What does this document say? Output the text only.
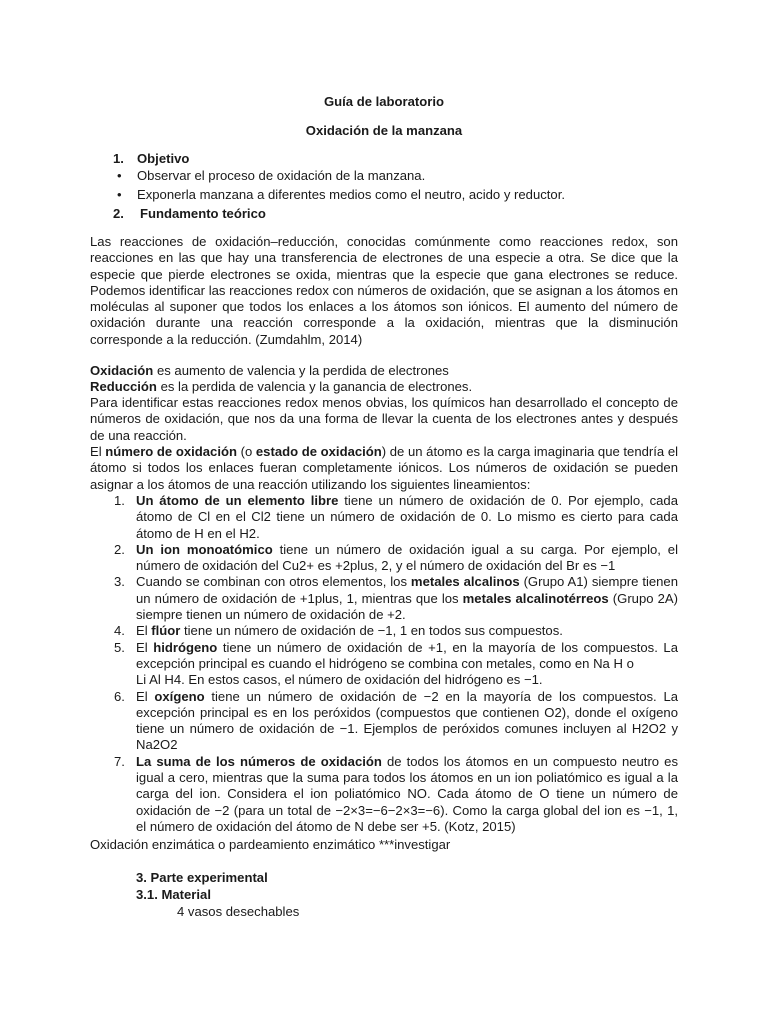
Guía de laboratorio
Oxidación de la manzana
1. Objetivo
• Observar el proceso de oxidación de la manzana.
• Exponerla manzana a diferentes medios como el neutro, acido y reductor.
2. Fundamento teórico

Las reacciones de oxidación–reducción, conocidas comúnmente como reacciones redox, son reacciones en las que hay una transferencia de electrones de una especie a otra. Se dice que la especie que pierde electrones se oxida, mientras que la especie que gana electrones se reduce. Podemos identificar las reacciones redox con números de oxidación, que se asignan a los átomos en moléculas al suponer que todos los enlaces a los átomos son iónicos. El aumento del número de oxidación durante una reacción corresponde a la oxidación, mientras que la disminución corresponde a la reducción. (Zumdahlm, 2014)

Oxidación es aumento de valencia y la perdida de electrones
Reducción es la perdida de valencia y la ganancia de electrones.

Para identificar estas reacciones redox menos obvias, los químicos han desarrollado el concepto de números de oxidación, que nos da una forma de llevar la cuenta de los electrones antes y después de una reacción.

El número de oxidación (o estado de oxidación) de un átomo es la carga imaginaria que tendría el átomo si todos los enlaces fueran completamente iónicos. Los números de oxidación se pueden asignar a los átomos de una reacción utilizando los siguientes lineamientos:

1. Un átomo de un elemento libre tiene un número de oxidación de 0. Por ejemplo, cada átomo de Cl en el Cl2 tiene un número de oxidación de 0. Lo mismo es cierto para cada átomo de H en el H2.
2. Un ion monoatómico tiene un número de oxidación igual a su carga. Por ejemplo, el número de oxidación del Cu2+ es +2plus, 2, y el número de oxidación del Br es −1
3. Cuando se combinan con otros elementos, los metales alcalinos (Grupo A1) siempre tienen un número de oxidación de +1plus, 1, mientras que los metales alcalinotérreos (Grupo 2A) siempre tienen un número de oxidación de +2.
4. El flúor tiene un número de oxidación de −1, 1 en todos sus compuestos.
5. El hidrógeno tiene un número de oxidación de +1, en la mayoría de los compuestos. La excepción principal es cuando el hidrógeno se combina con metales, como en Na H o
Li Al H4. En estos casos, el número de oxidación del hidrógeno es −1.
6. El oxígeno tiene un número de oxidación de −2 en la mayoría de los compuestos. La excepción principal es en los peróxidos (compuestos que contienen O2), donde el oxígeno tiene un número de oxidación de −1. Ejemplos de peróxidos comunes incluyen al H2O2 y Na2O2
7. La suma de los números de oxidación de todos los átomos en un compuesto neutro es igual a cero, mientras que la suma para todos los átomos en un ion poliatómico es igual a la carga del ion. Considera el ion poliatómico NO. Cada átomo de O tiene un número de oxidación de −2 (para un total de −2×3=−6−2×3=−6). Como la carga global del ion es −1, 1, el número de oxidación del átomo de N debe ser +5. (Kotz, 2015)
Oxidación enzimática o pardeamiento enzimático ***investigar
3. Parte experimental
3.1. Material
4 vasos desechables
